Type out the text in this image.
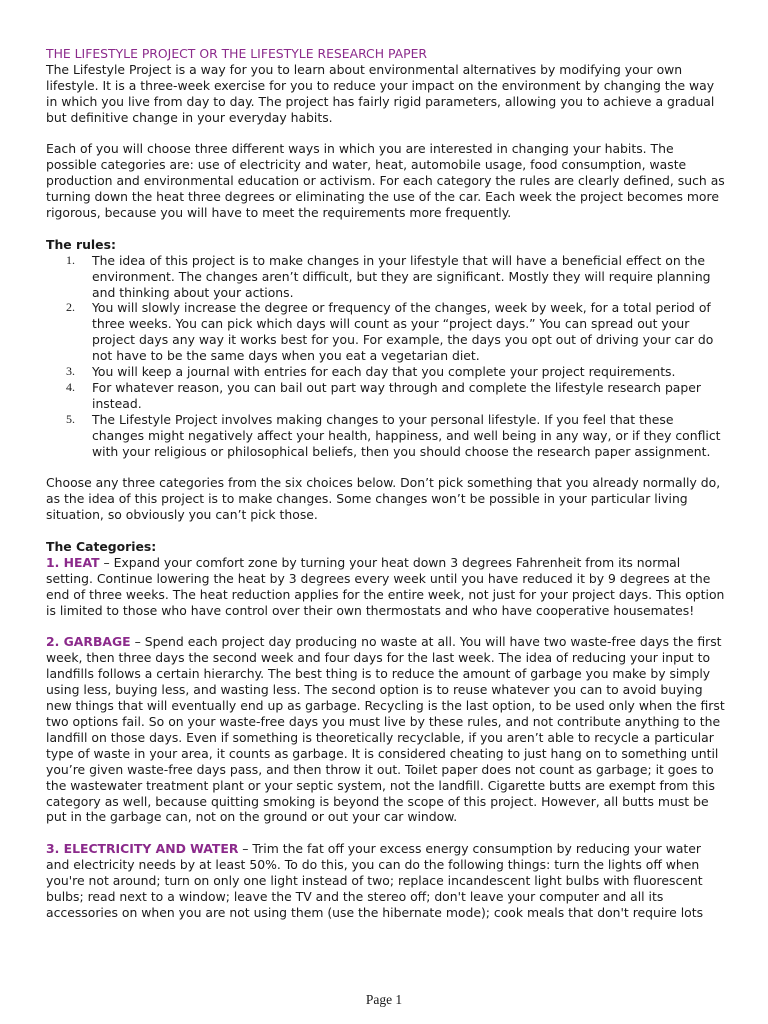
THE LIFESTYLE PROJECT OR THE LIFESTYLE RESEARCH PAPER

The Lifestyle Project is a way for you to learn about environmental alternatives by modifying your own lifestyle. It is a three-week exercise for you to reduce your impact on the environment by changing the way in which you live from day to day. The project has fairly rigid parameters, allowing you to achieve a gradual but definitive change in your everyday habits.

Each of you will choose three different ways in which you are interested in changing your habits. The possible categories are: use of electricity and water, heat, automobile usage, food consumption, waste production and environmental education or activism. For each category the rules are clearly defined, such as turning down the heat three degrees or eliminating the use of the car. Each week the project becomes more rigorous, because you will have to meet the requirements more frequently.

The rules:

1. The idea of this project is to make changes in your lifestyle that will have a beneficial effect on the environment. The changes aren’t difficult, but they are significant. Mostly they will require planning and thinking about your actions.
2. You will slowly increase the degree or frequency of the changes, week by week, for a total period of three weeks. You can pick which days will count as your “project days.” You can spread out your project days any way it works best for you. For example, the days you opt out of driving your car do not have to be the same days when you eat a vegetarian diet.
3. You will keep a journal with entries for each day that you complete your project requirements.
4. For whatever reason, you can bail out part way through and complete the lifestyle research paper instead.
5. The Lifestyle Project involves making changes to your personal lifestyle. If you feel that these changes might negatively affect your health, happiness, and well being in any way, or if they conflict with your religious or philosophical beliefs, then you should choose the research paper assignment.

Choose any three categories from the six choices below. Don’t pick something that you already normally do, as the idea of this project is to make changes. Some changes won’t be possible in your particular living situation, so obviously you can’t pick those.

The Categories:

1. HEAT – Expand your comfort zone by turning your heat down 3 degrees Fahrenheit from its normal setting. Continue lowering the heat by 3 degrees every week until you have reduced it by 9 degrees at the end of three weeks. The heat reduction applies for the entire week, not just for your project days. This option is limited to those who have control over their own thermostats and who have cooperative housemates!

2. GARBAGE – Spend each project day producing no waste at all. You will have two waste-free days the first week, then three days the second week and four days for the last week. The idea of reducing your input to landfills follows a certain hierarchy. The best thing is to reduce the amount of garbage you make by simply using less, buying less, and wasting less. The second option is to reuse whatever you can to avoid buying new things that will eventually end up as garbage. Recycling is the last option, to be used only when the first two options fail. So on your waste-free days you must live by these rules, and not contribute anything to the landfill on those days. Even if something is theoretically recyclable, if you aren’t able to recycle a particular type of waste in your area, it counts as garbage. It is considered cheating to just hang on to something until you’re given waste-free days pass, and then throw it out. Toilet paper does not count as garbage; it goes to the wastewater treatment plant or your septic system, not the landfill. Cigarette butts are exempt from this category as well, because quitting smoking is beyond the scope of this project. However, all butts must be put in the garbage can, not on the ground or out your car window.

3. ELECTRICITY AND WATER – Trim the fat off your excess energy consumption by reducing your water and electricity needs by at least 50%. To do this, you can do the following things: turn the lights off when you're not around; turn on only one light instead of two; replace incandescent light bulbs with fluorescent bulbs; read next to a window; leave the TV and the stereo off; don't leave your computer and all its accessories on when you are not using them (use the hibernate mode); cook meals that don't require lots

Page 1
